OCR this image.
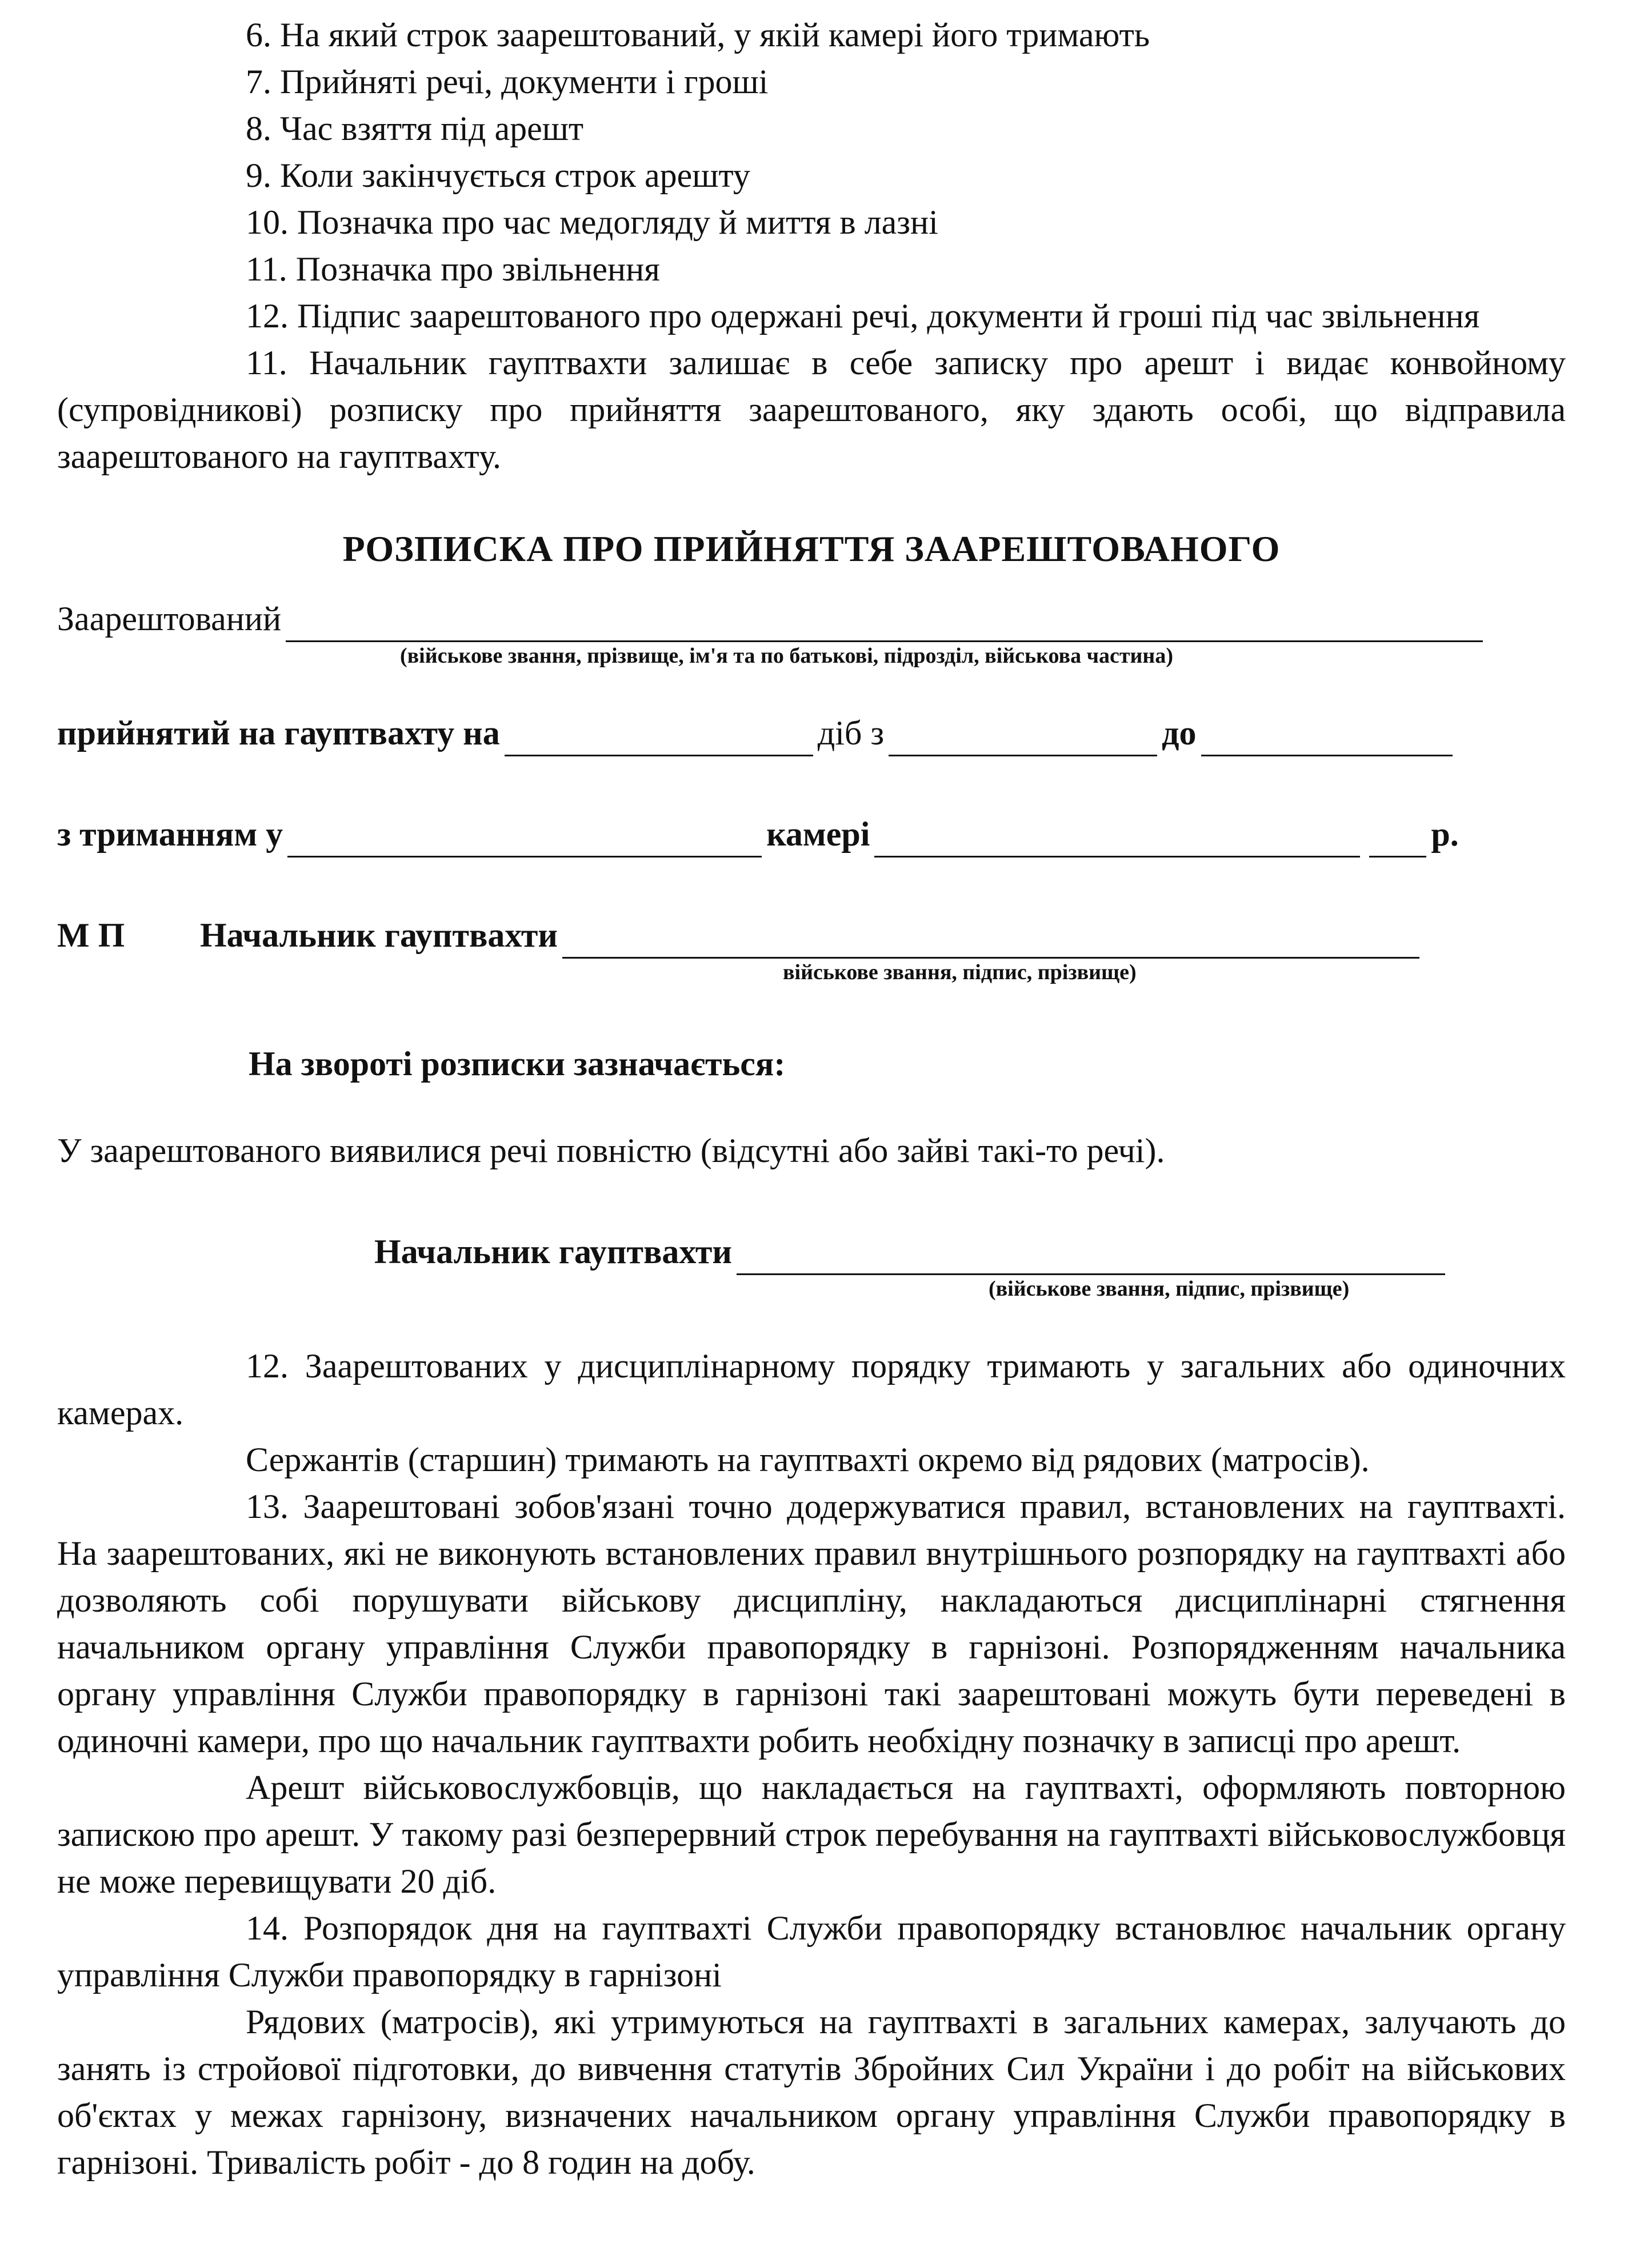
6. На який строк заарештований, у якій камері його тримають
7. Прийняті речі, документи і гроші
8. Час взяття під арешт
9. Коли закінчується строк арешту
10. Позначка про час медогляду й миття в лазні
11. Позначка про звільнення
12. Підпис заарештованого про одержані речі, документи й гроші під час звільнення
11. Начальник гауптвахти залишає в себе записку про арешт і видає конвойному (супровідникові) розписку про прийняття заарештованого, яку здають особі, що відправила заарештованого на гауптвахту.
РОЗПИСКА ПРО ПРИЙНЯТТЯ ЗААРЕШТОВАНОГО
Заарештований
(військове звання, прізвище, ім'я та по батькові, підрозділ, військова частина)
прийнятий на гауптвахту на	діб з	до
з триманням у	камері	р.
М П	Начальник гауптвахти
військове звання, підпис, прізвище)
На звороті розписки зазначається:
У заарештованого виявилися речі повністю (відсутні або зайві такі-то речі).
Начальник гауптвахти
(військове звання, підпис, прізвище)
12. Заарештованих у дисциплінарному порядку тримають у загальних або одиночних камерах.
Сержантів (старшин) тримають на гауптвахті окремо від рядових (матросів).
13. Заарештовані зобов'язані точно додержуватися правил, встановлених на гауптвахті. На заарештованих, які не виконують встановлених правил внутрішнього розпорядку на гауптвахті або дозволяють собі порушувати військову дисципліну, накладаються дисциплінарні стягнення начальником органу управління Служби правопорядку в гарнізоні. Розпорядженням начальника органу управління Служби правопорядку в гарнізоні такі заарештовані можуть бути переведені в одиночні камери, про що начальник гауптвахти робить необхідну позначку в записці про арешт.
Арешт військовослужбовців, що накладається на гауптвахті, оформляють повторною запискою про арешт. У такому разі безперервний строк перебування на гауптвахті військовослужбовця не може перевищувати 20 діб.
14. Розпорядок дня на гауптвахті Служби правопорядку встановлює начальник органу управління Служби правопорядку в гарнізоні
Рядових (матросів), які утримуються на гауптвахті в загальних камерах, залучають до занять із стройової підготовки, до вивчення статутів Збройних Сил України і до робіт на військових об'єктах у межах гарнізону, визначених начальником органу управління Служби правопорядку в гарнізоні. Тривалість робіт - до 8 годин на добу.
